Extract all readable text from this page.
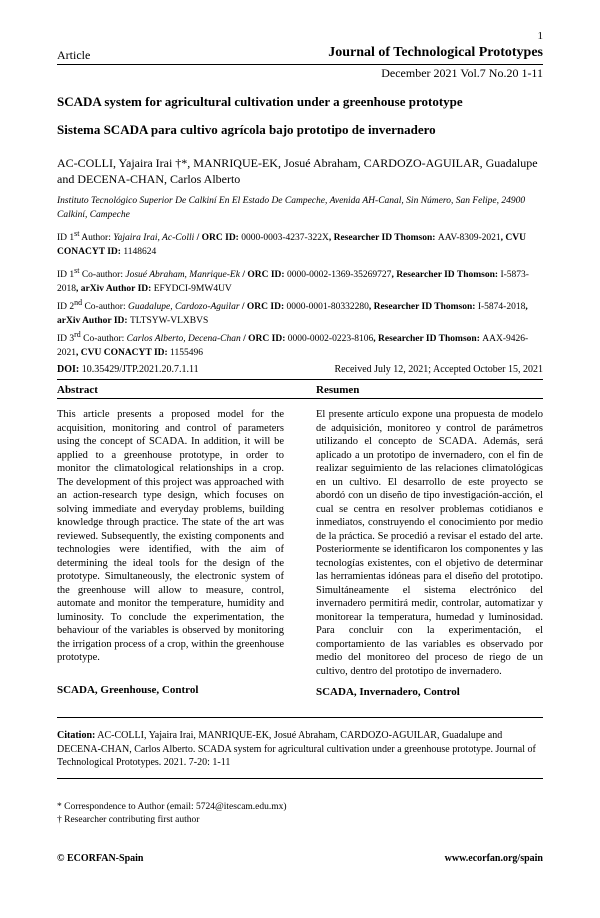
1
Article	Journal of Technological Prototypes
December 2021 Vol.7 No.20 1-11
SCADA system for agricultural cultivation under a greenhouse prototype
Sistema SCADA para cultivo agrícola bajo prototipo de invernadero
AC-COLLI, Yajaira Irai †*, MANRIQUE-EK, Josué Abraham, CARDOZO-AGUILAR, Guadalupe and DECENA-CHAN, Carlos Alberto
Instituto Tecnológico Superior De Calkiní En El Estado De Campeche, Avenida AH-Canal, Sin Número, San Felipe, 24900 Calkiní, Campeche
ID 1st Author: Yajaira Irai, Ac-Colli / ORC ID: 0000-0003-4237-322X, Researcher ID Thomson: AAV-8309-2021, CVU CONACYT ID: 1148624
ID 1st Co-author: Josué Abraham, Manrique-Ek / ORC ID: 0000-0002-1369-35269727, Researcher ID Thomson: I-5873-2018, arXiv Author ID: EFYDCI-9MW4UV
ID 2nd Co-author: Guadalupe, Cardozo-Aguilar / ORC ID: 0000-0001-80332280, Researcher ID Thomson: I-5874-2018, arXiv Author ID: TLTSYW-VLXBVS
ID 3rd Co-author: Carlos Alberto, Decena-Chan / ORC ID: 0000-0002-0223-8106, Researcher ID Thomson: AAX-9426-2021, CVU CONACYT ID: 1155496
DOI: 10.35429/JTP.2021.20.7.1.11	Received July 12, 2021; Accepted October 15, 2021
Abstract	Resumen
This article presents a proposed model for the acquisition, monitoring and control of parameters using the concept of SCADA. In addition, it will be applied to a greenhouse prototype, in order to monitor the climatological relationships in a crop. The development of this project was approached with an action-research type design, which focuses on solving immediate and everyday problems, building knowledge through practice. The state of the art was reviewed. Subsequently, the existing components and technologies were identified, with the aim of determining the ideal tools for the design of the prototype. Simultaneously, the electronic system of the greenhouse will allow to measure, control, automate and monitor the temperature, humidity and luminosity. To conclude the experimentation, the behaviour of the variables is observed by monitoring the irrigation process of a crop, within the greenhouse prototype.
El presente artículo expone una propuesta de modelo de adquisición, monitoreo y control de parámetros utilizando el concepto de SCADA. Además, será aplicado a un prototipo de invernadero, con el fin de realizar seguimiento de las relaciones climatológicas en un cultivo. El desarrollo de este proyecto se abordó con un diseño de tipo investigación-acción, el cual se centra en resolver problemas cotidianos e inmediatos, construyendo el conocimiento por medio de la práctica. Se procedió a revisar el estado del arte. Posteriormente se identificaron los componentes y las tecnologías existentes, con el objetivo de determinar las herramientas idóneas para el diseño del prototipo. Simultáneamente el sistema electrónico del invernadero permitirá medir, controlar, automatizar y monitorear la temperatura, humedad y luminosidad. Para concluir con la experimentación, el comportamiento de las variables es observado por medio del monitoreo del proceso de riego de un cultivo, dentro del prototipo de invernadero.
SCADA, Greenhouse, Control	SCADA, Invernadero, Control
Citation: AC-COLLI, Yajaira Irai, MANRIQUE-EK, Josué Abraham, CARDOZO-AGUILAR, Guadalupe and DECENA-CHAN, Carlos Alberto. SCADA system for agricultural cultivation under a greenhouse prototype. Journal of Technological Prototypes. 2021. 7-20: 1-11
* Correspondence to Author (email: 5724@itescam.edu.mx)
† Researcher contributing first author
© ECORFAN-Spain	www.ecorfan.org/spain
